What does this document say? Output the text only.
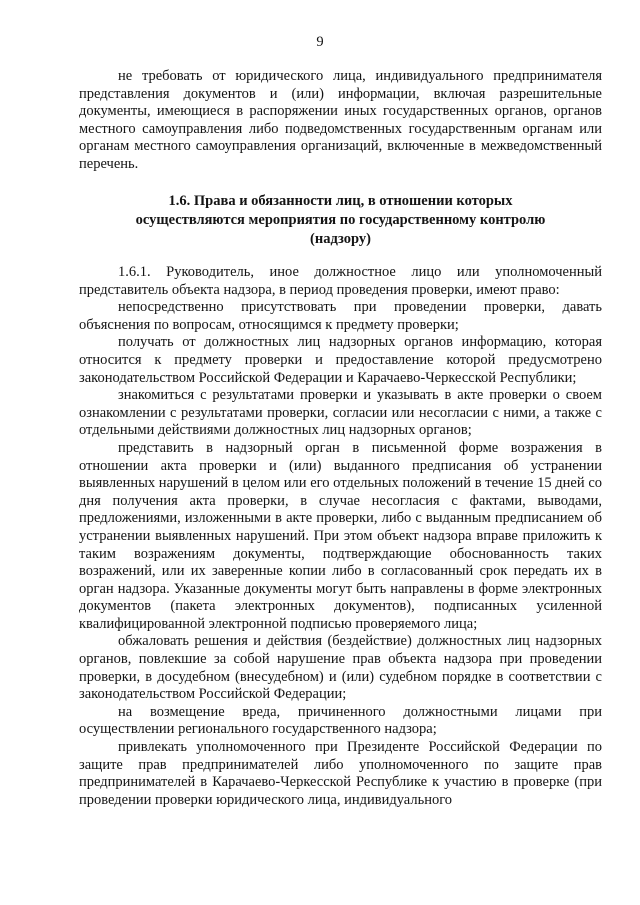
9

не требовать от юридического лица, индивидуального предпринимателя представления документов и (или) информации, включая разрешительные документы, имеющиеся в распоряжении иных государственных органов, органов местного самоуправления либо подведомственных государственным органам или органам местного самоуправления организаций, включенные в межведомственный перечень.

1.6. Права и обязанности лиц, в отношении которых
осуществляются мероприятия по государственному контролю
(надзору)

1.6.1. Руководитель, иное должностное лицо или уполномоченный представитель объекта надзора, в период проведения проверки, имеют право:

непосредственно присутствовать при проведении проверки, давать объяснения по вопросам, относящимся к предмету проверки;

получать от должностных лиц надзорных органов информацию, которая относится к предмету проверки и предоставление которой предусмотрено законодательством Российской Федерации и Карачаево-Черкесской Республики;

знакомиться с результатами проверки и указывать в акте проверки о своем ознакомлении с результатами проверки, согласии или несогласии с ними, а также с отдельными действиями должностных лиц надзорных органов;

представить в надзорный орган в письменной форме возражения в отношении акта проверки и (или) выданного предписания об устранении выявленных нарушений в целом или его отдельных положений в течение 15 дней со дня получения акта проверки, в случае несогласия с фактами, выводами, предложениями, изложенными в акте проверки, либо с выданным предписанием об устранении выявленных нарушений. При этом объект надзора вправе приложить к таким возражениям документы, подтверждающие обоснованность таких возражений, или их заверенные копии либо в согласованный срок передать их в орган надзора. Указанные документы могут быть направлены в форме электронных документов (пакета электронных документов), подписанных усиленной квалифицированной электронной подписью проверяемого лица;

обжаловать решения и действия (бездействие) должностных лиц надзорных органов, повлекшие за собой нарушение прав объекта надзора при проведении проверки, в досудебном (внесудебном) и (или) судебном порядке в соответствии с законодательством Российской Федерации;

на возмещение вреда, причиненного должностными лицами при осуществлении регионального государственного надзора;

привлекать уполномоченного при Президенте Российской Федерации по защите прав предпринимателей либо уполномоченного по защите прав предпринимателей в Карачаево-Черкесской Республике к участию в проверке (при проведении проверки юридического лица, индивидуального
